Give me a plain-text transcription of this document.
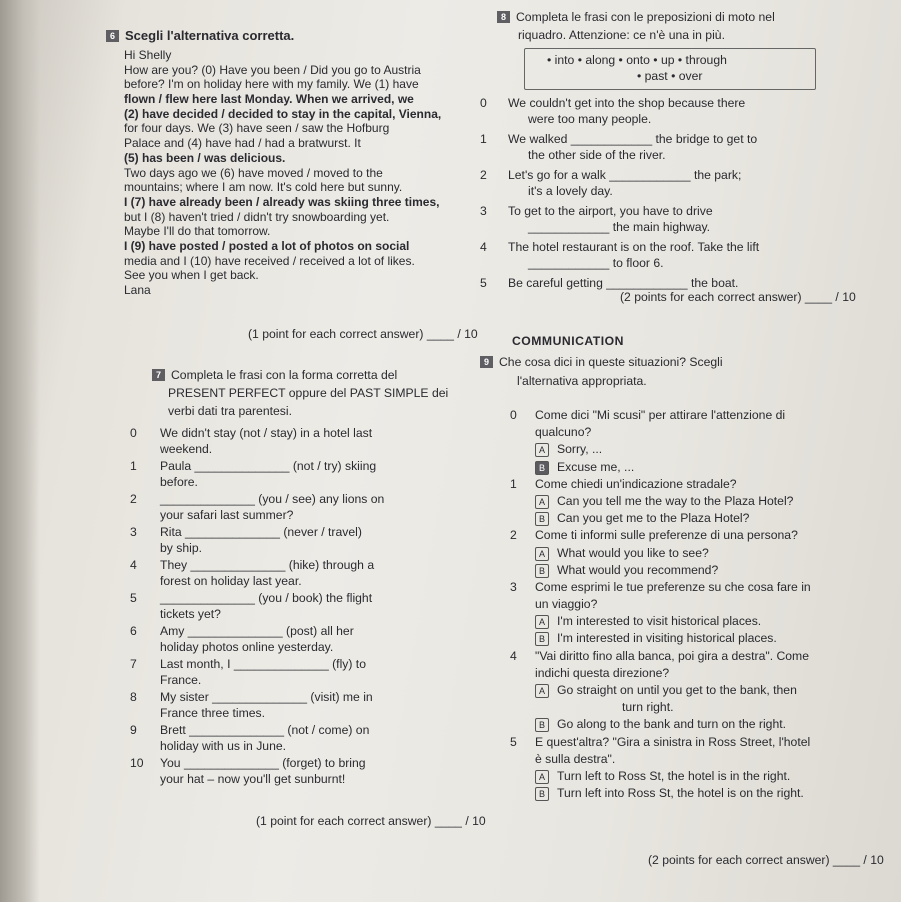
6 Scegli l'alternativa corretta.
Hi Shelly
How are you? (0) Have you been / Did you go to Austria
before? I'm on holiday here with my family. We (1) have
flown / flew here last Monday. When we arrived, we
(2) have decided / decided to stay in the capital, Vienna,
for four days. We (3) have seen / saw the Hofburg
Palace and (4) have had / had a bratwurst. It
(5) has been / was delicious.
Two days ago we (6) have moved / moved to the
mountains; where I am now. It's cold here but sunny.
I (7) have already been / already was skiing three times,
but I (8) haven't tried / didn't try snowboarding yet.
Maybe I'll do that tomorrow.
I (9) have posted / posted a lot of photos on social
media and I (10) have received / received a lot of likes.
See you when I get back.
Lana
(1 point for each correct answer) ____ / 10
8 Completa le frasi con le preposizioni di moto nel
riquadro. Attenzione: ce n'è una in più.
• into • along • onto • up • through
• past • over
0 We couldn't get into the shop because there
were too many people.
1 We walked ____________ the bridge to get to
the other side of the river.
2 Let's go for a walk ____________ the park;
it's a lovely day.
3 To get to the airport, you have to drive
____________ the main highway.
4 The hotel restaurant is on the roof. Take the lift
____________ to floor 6.
5 Be careful getting ____________ the boat.
(2 points for each correct answer) ____ / 10
7 Completa le frasi con la forma corretta del
PRESENT PERFECT oppure del PAST SIMPLE dei
verbi dati tra parentesi.
0 We didn't stay (not / stay) in a hotel last
weekend.
1 Paula ______________ (not / try) skiing
before.
2 ______________ (you / see) any lions on
your safari last summer?
3 Rita ______________ (never / travel)
by ship.
4 They ______________ (hike) through a
forest on holiday last year.
5 ______________ (you / book) the flight
tickets yet?
6 Amy ______________ (post) all her
holiday photos online yesterday.
7 Last month, I ______________ (fly) to
France.
8 My sister ______________ (visit) me in
France three times.
9 Brett ______________ (not / come) on
holiday with us in June.
10 You ______________ (forget) to bring
your hat – now you'll get sunburnt!
(1 point for each correct answer) ____ / 10
COMMUNICATION
9 Che cosa dici in queste situazioni? Scegli
l'alternativa appropriata.
0 Come dici "Mi scusi" per attirare l'attenzione di
qualcuno?
A Sorry, ...
B Excuse me, ...
1 Come chiedi un'indicazione stradale?
A Can you tell me the way to the Plaza Hotel?
B Can you get me to the Plaza Hotel?
2 Come ti informi sulle preferenze di una persona?
A What would you like to see?
B What would you recommend?
3 Come esprimi le tue preferenze su che cosa fare in
un viaggio?
A I'm interested to visit historical places.
B I'm interested in visiting historical places.
4 "Vai diritto fino alla banca, poi gira a destra". Come
indichi questa direzione?
A Go straight on until you get to the bank, then
turn right.
B Go along to the bank and turn on the right.
5 E quest'altra? "Gira a sinistra in Ross Street, l'hotel
è sulla destra".
A Turn left to Ross St, the hotel is in the right.
B Turn left into Ross St, the hotel is on the right.
(2 points for each correct answer) ____ / 10
